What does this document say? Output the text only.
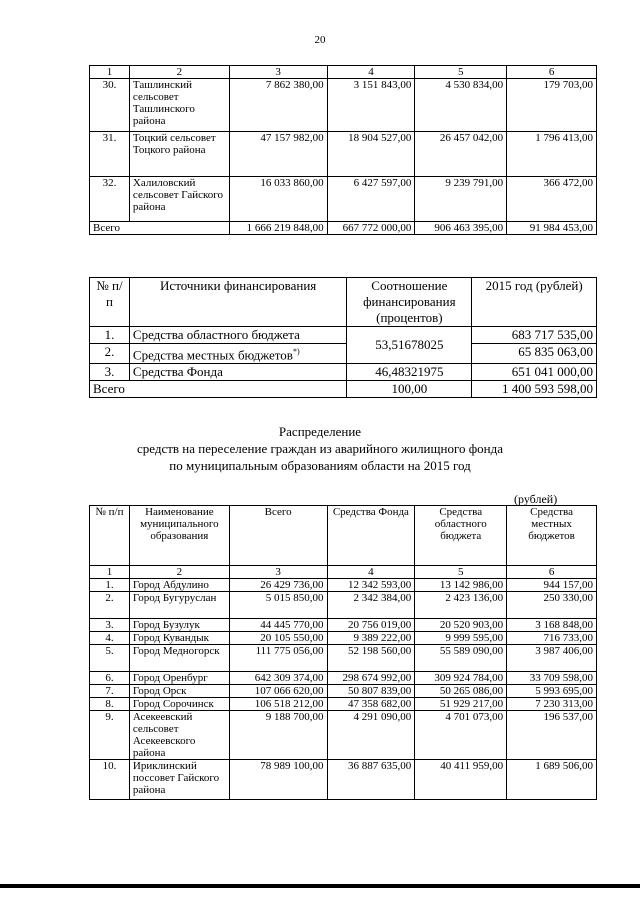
20
1	2	3	4	5	6
30.	Ташлинский сельсовет Ташлинского района	7 862 380,00	3 151 843,00	4 530 834,00	179 703,00
31.	Тоцкий сельсовет Тоцкого района	47 157 982,00	18 904 527,00	26 457 042,00	1 796 413,00
32.	Халиловский сельсовет Гайского района	16 033 860,00	6 427 597,00	9 239 791,00	366 472,00
Всего		1 666 219 848,00	667 772 000,00	906 463 395,00	91 984 453,00
№ п/п	Источники финансирования	Соотношение финансирования (процентов)	2015 год (рублей)
1.	Средства областного бюджета	53,51678025	683 717 535,00
2.	Средства местных бюджетов*)		65 835 063,00
3.	Средства Фонда	46,48321975	651 041 000,00
Всего		100,00	1 400 593 598,00
Распределение
средств на переселение граждан из аварийного жилищного фонда
по муниципальным образованиям области на 2015 год
(рублей)
№ п/п	Наименование муниципального образования	Всего	Средства Фонда	Средства областного бюджета	Средства местных бюджетов
1	2	3	4	5	6
1.	Город Абдулино	26 429 736,00	12 342 593,00	13 142 986,00	944 157,00
2.	Город Бугуруслан	5 015 850,00	2 342 384,00	2 423 136,00	250 330,00
3.	Город Бузулук	44 445 770,00	20 756 019,00	20 520 903,00	3 168 848,00
4.	Город Кувандык	20 105 550,00	9 389 222,00	9 999 595,00	716 733,00
5.	Город Медногорск	111 775 056,00	52 198 560,00	55 589 090,00	3 987 406,00
6.	Город Оренбург	642 309 374,00	298 674 992,00	309 924 784,00	33 709 598,00
7.	Город Орск	107 066 620,00	50 807 839,00	50 265 086,00	5 993 695,00
8.	Город Сорочинск	106 518 212,00	47 358 682,00	51 929 217,00	7 230 313,00
9.	Асекеевский сельсовет Асекеевского района	9 188 700,00	4 291 090,00	4 701 073,00	196 537,00
10.	Ириклинский поссовет Гайского района	78 989 100,00	36 887 635,00	40 411 959,00	1 689 506,00
